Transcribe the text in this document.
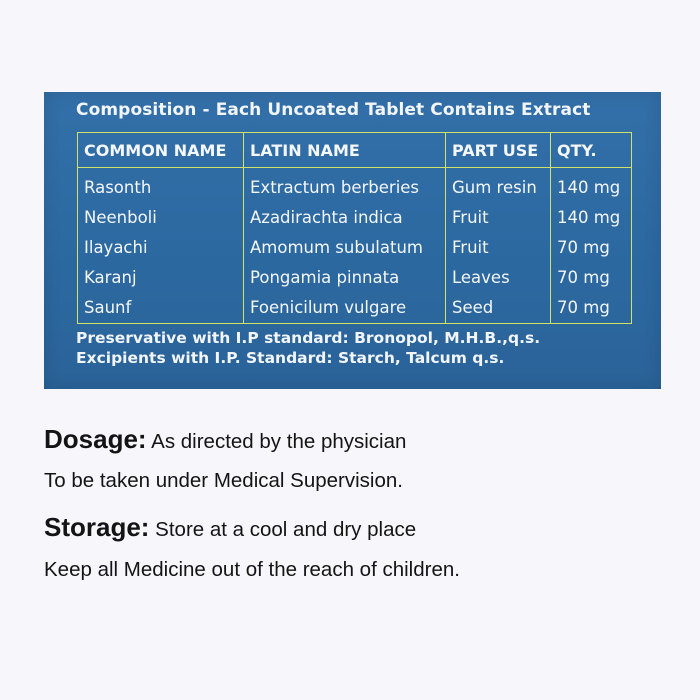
Composition - Each Uncoated Tablet Contains Extract
COMMON NAME	LATIN NAME	PART USE	QTY.
Rasonth	Extractum berberies	Gum resin	140 mg
Neenboli	Azadirachta indica	Fruit	140 mg
Ilayachi	Amomum subulatum	Fruit	70 mg
Karanj	Pongamia pinnata	Leaves	70 mg
Saunf	Foenicilum vulgare	Seed	70 mg
Preservative with I.P standard: Bronopol, M.H.B.,q.s.
Excipients with I.P. Standard: Starch, Talcum q.s.
Dosage: As directed by the physician
To be taken under Medical Supervision.
Storage: Store at a cool and dry place
Keep all Medicine out of the reach of children.
